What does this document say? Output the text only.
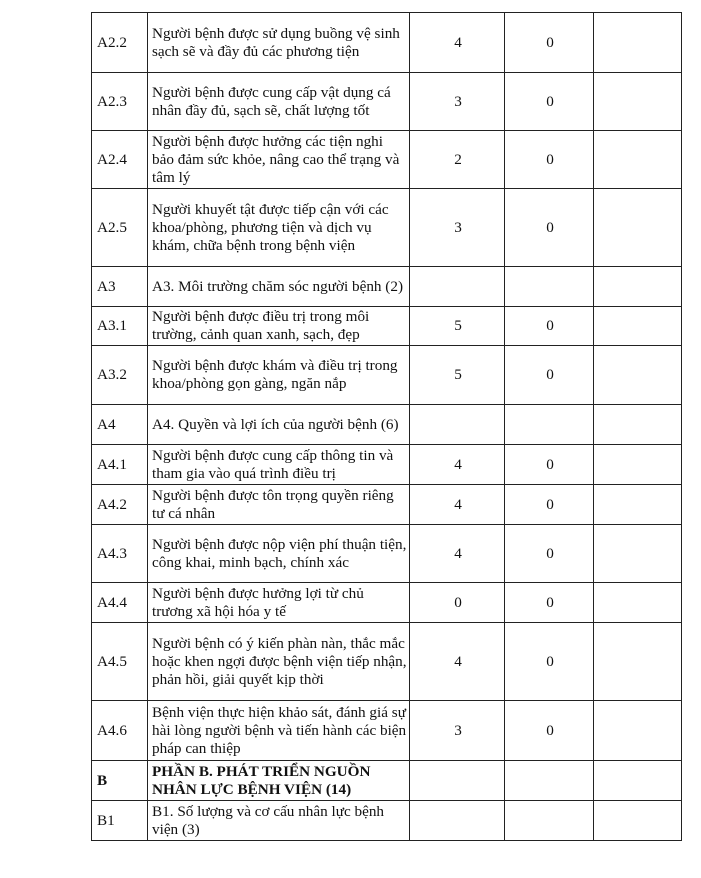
A2.2	Người bệnh được sử dụng buồng vệ sinh sạch sẽ và đầy đủ các phương tiện	4	0	
A2.3	Người bệnh được cung cấp vật dụng cá nhân đầy đủ, sạch sẽ, chất lượng tốt	3	0	
A2.4	Người bệnh được hưởng các tiện nghi bảo đảm sức khỏe, nâng cao thể trạng và tâm lý	2	0	
A2.5	Người khuyết tật được tiếp cận với các khoa/phòng, phương tiện và dịch vụ khám, chữa bệnh trong bệnh viện	3	0	
A3	A3. Môi trường chăm sóc người bệnh (2)			
A3.1	Người bệnh được điều trị trong môi trường, cảnh quan xanh, sạch, đẹp	5	0	
A3.2	Người bệnh được khám và điều trị trong khoa/phòng gọn gàng, ngăn nắp	5	0	
A4	A4. Quyền và lợi ích của người bệnh (6)			
A4.1	Người bệnh được cung cấp thông tin và tham gia vào quá trình điều trị	4	0	
A4.2	Người bệnh được tôn trọng quyền riêng tư cá nhân	4	0	
A4.3	Người bệnh được nộp viện phí thuận tiện, công khai, minh bạch, chính xác	4	0	
A4.4	Người bệnh được hưởng lợi từ chủ trương xã hội hóa y tế	0	0	
A4.5	Người bệnh có ý kiến phàn nàn, thắc mắc hoặc khen ngợi được bệnh viện tiếp nhận, phản hồi, giải quyết kịp thời	4	0	
A4.6	Bệnh viện thực hiện khảo sát, đánh giá sự hài lòng người bệnh và tiến hành các biện pháp can thiệp	3	0	
B	PHẦN B. PHÁT TRIỂN NGUỒN NHÂN LỰC BỆNH VIỆN (14)			
B1	B1. Số lượng và cơ cấu nhân lực bệnh viện (3)			
